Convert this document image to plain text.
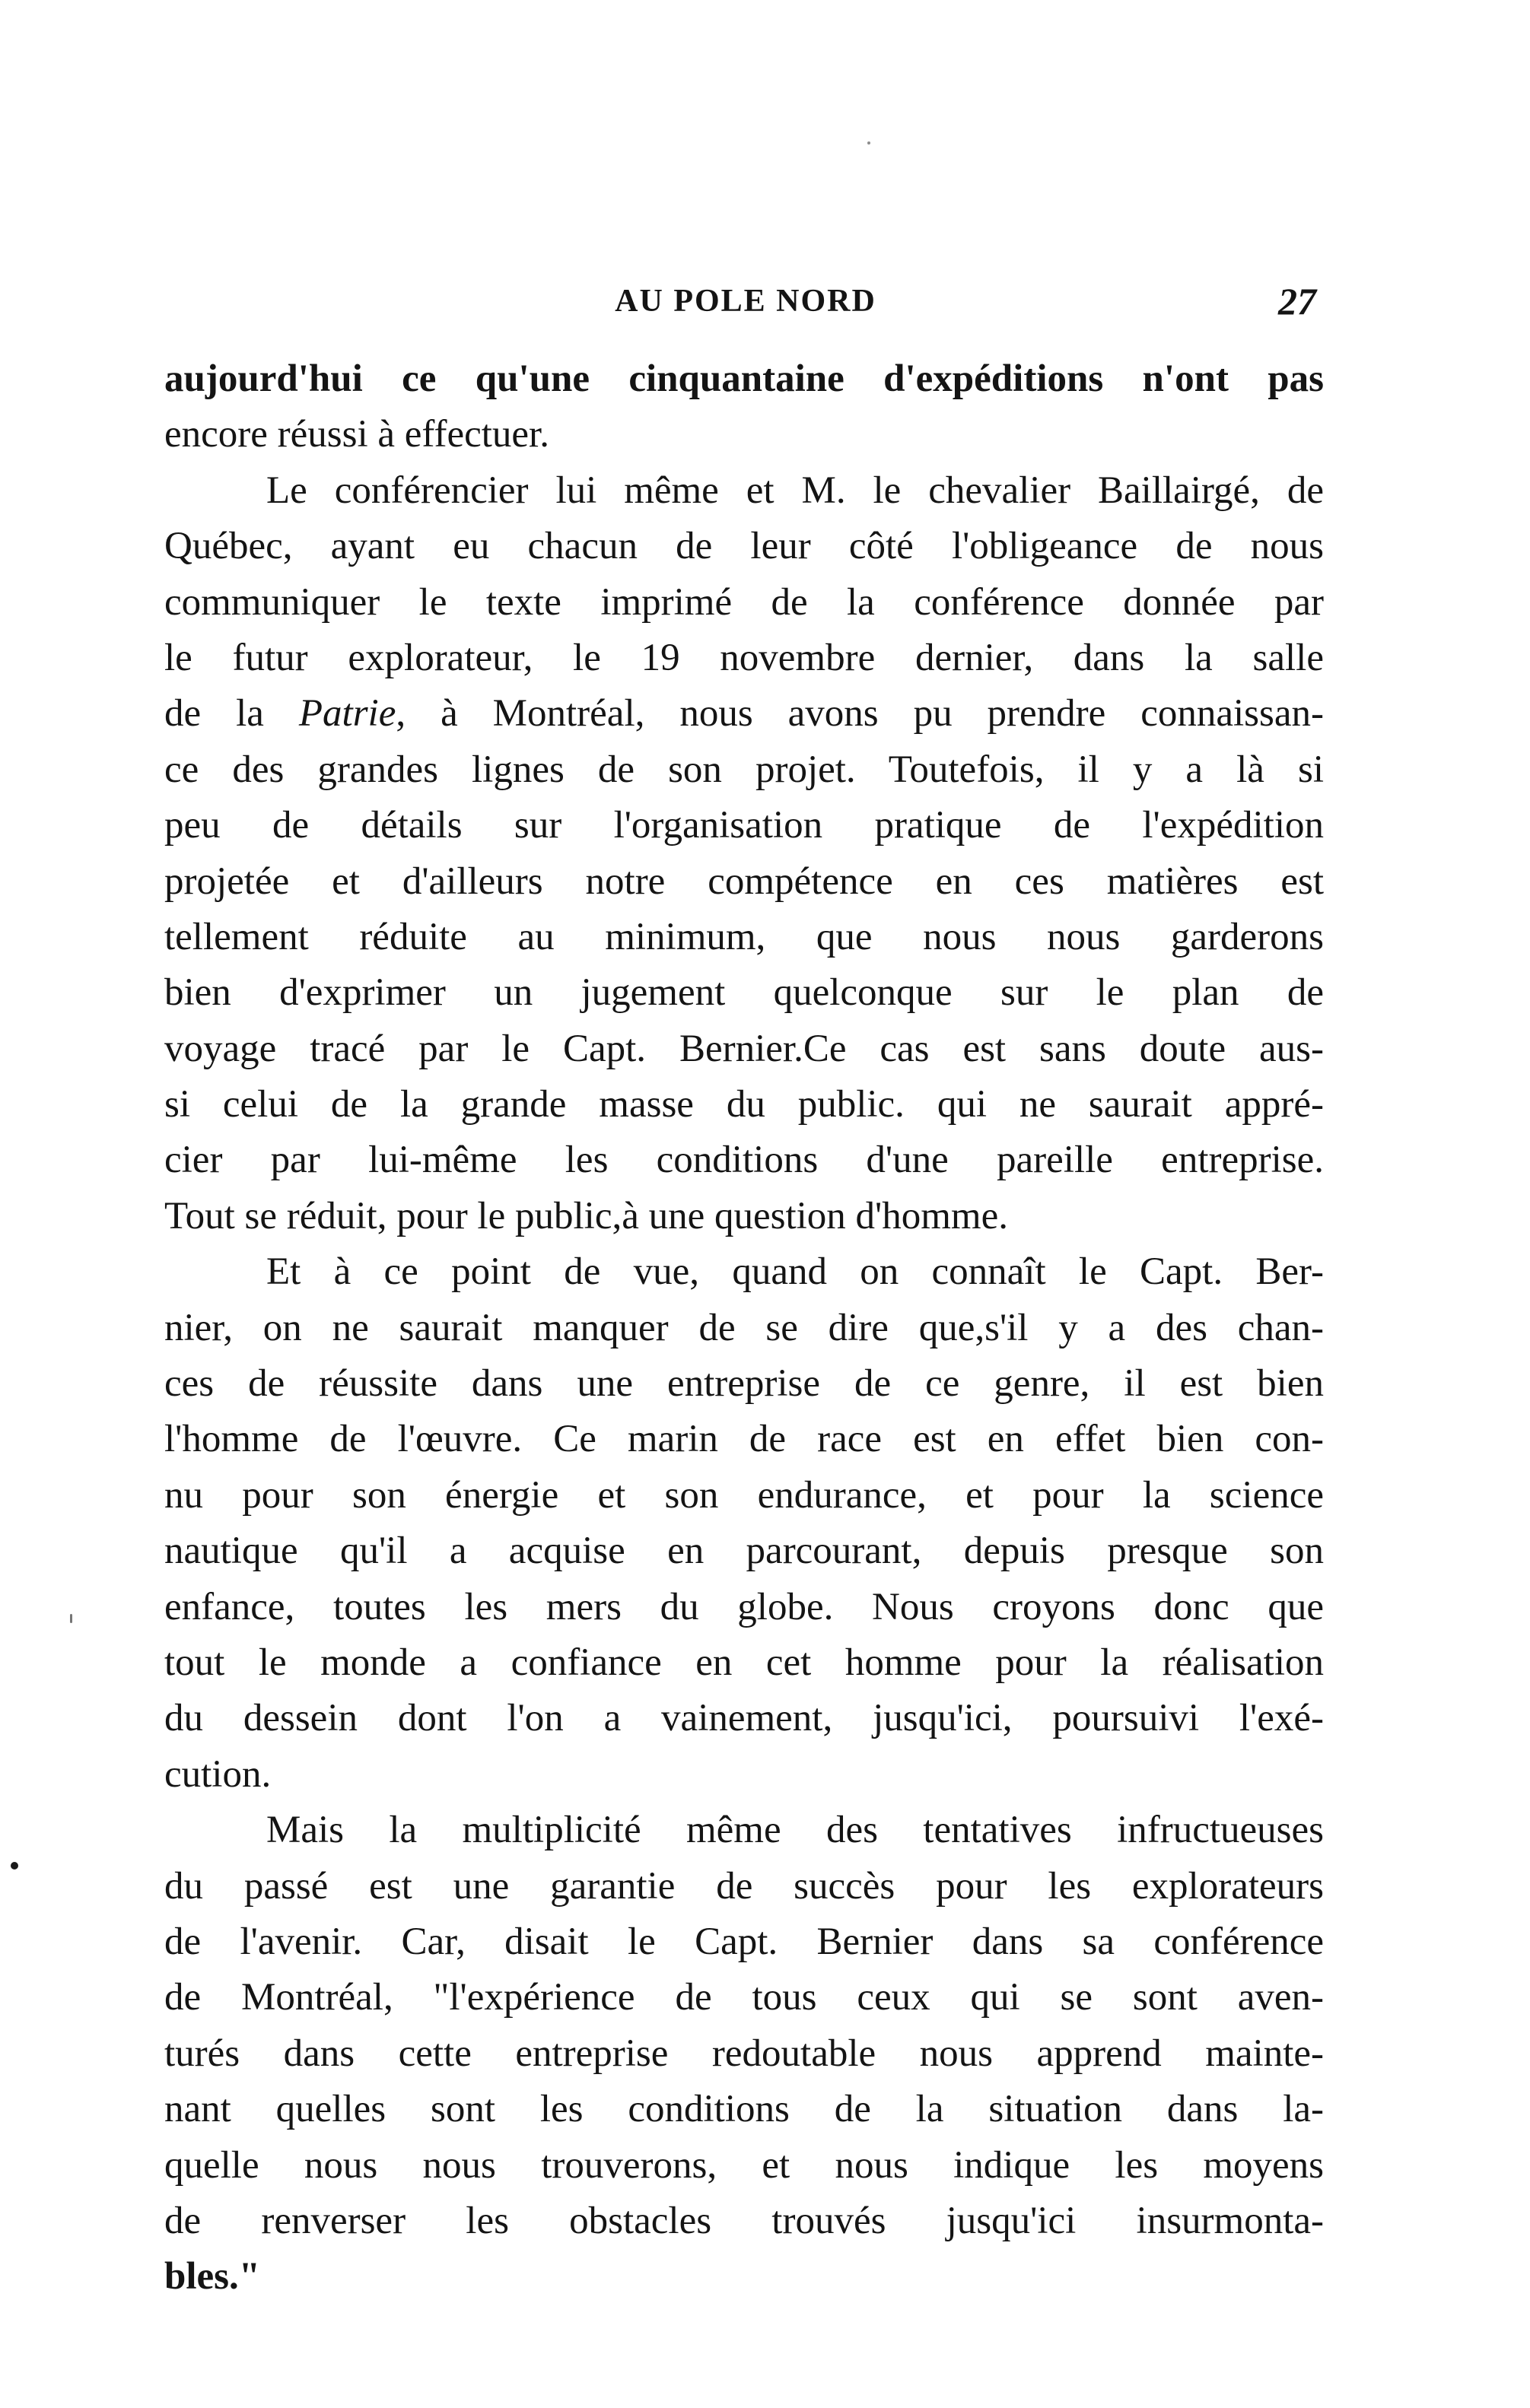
AU POLE NORD	27
aujourd'hui ce qu'une cinquantaine d'expéditions n'ont pas
encore réussi à effectuer.
Le conférencier lui même et M. le chevalier Baillairgé, de
Québec, ayant eu chacun de leur côté l'obligeance de nous
communiquer le texte imprimé de la conférence donnée par
le futur explorateur, le 19 novembre dernier, dans la salle
de la Patrie, à Montréal, nous avons pu prendre connaissan-
ce des grandes lignes de son projet. Toutefois, il y a là si
peu de détails sur l'organisation pratique de l'expédition
projetée et d'ailleurs notre compétence en ces matières est
tellement réduite au minimum, que nous nous garderons
bien d'exprimer un jugement quelconque sur le plan de
voyage tracé par le Capt. Bernier.Ce cas est sans doute aus-
si celui de la grande masse du public. qui ne saurait appré-
cier par lui-même les conditions d'une pareille entreprise.
Tout se réduit, pour le public,à une question d'homme.
Et à ce point de vue, quand on connaît le Capt. Ber-
nier, on ne saurait manquer de se dire que,s'il y a des chan-
ces de réussite dans une entreprise de ce genre, il est bien
l'homme de l'œuvre. Ce marin de race est en effet bien con-
nu pour son énergie et son endurance, et pour la science
nautique qu'il a acquise en parcourant, depuis presque son
enfance, toutes les mers du globe. Nous croyons donc que
tout le monde a confiance en cet homme pour la réalisation
du dessein dont l'on a vainement, jusqu'ici, poursuivi l'exé-
cution.
Mais la multiplicité même des tentatives infructueuses
du passé est une garantie de succès pour les explorateurs
de l'avenir. Car, disait le Capt. Bernier dans sa conférence
de Montréal, "l'expérience de tous ceux qui se sont aven-
turés dans cette entreprise redoutable nous apprend mainte-
nant quelles sont les conditions de la situation dans la-
quelle nous nous trouverons, et nous indique les moyens
de renverser les obstacles trouvés jusqu'ici insurmonta-
bles."
